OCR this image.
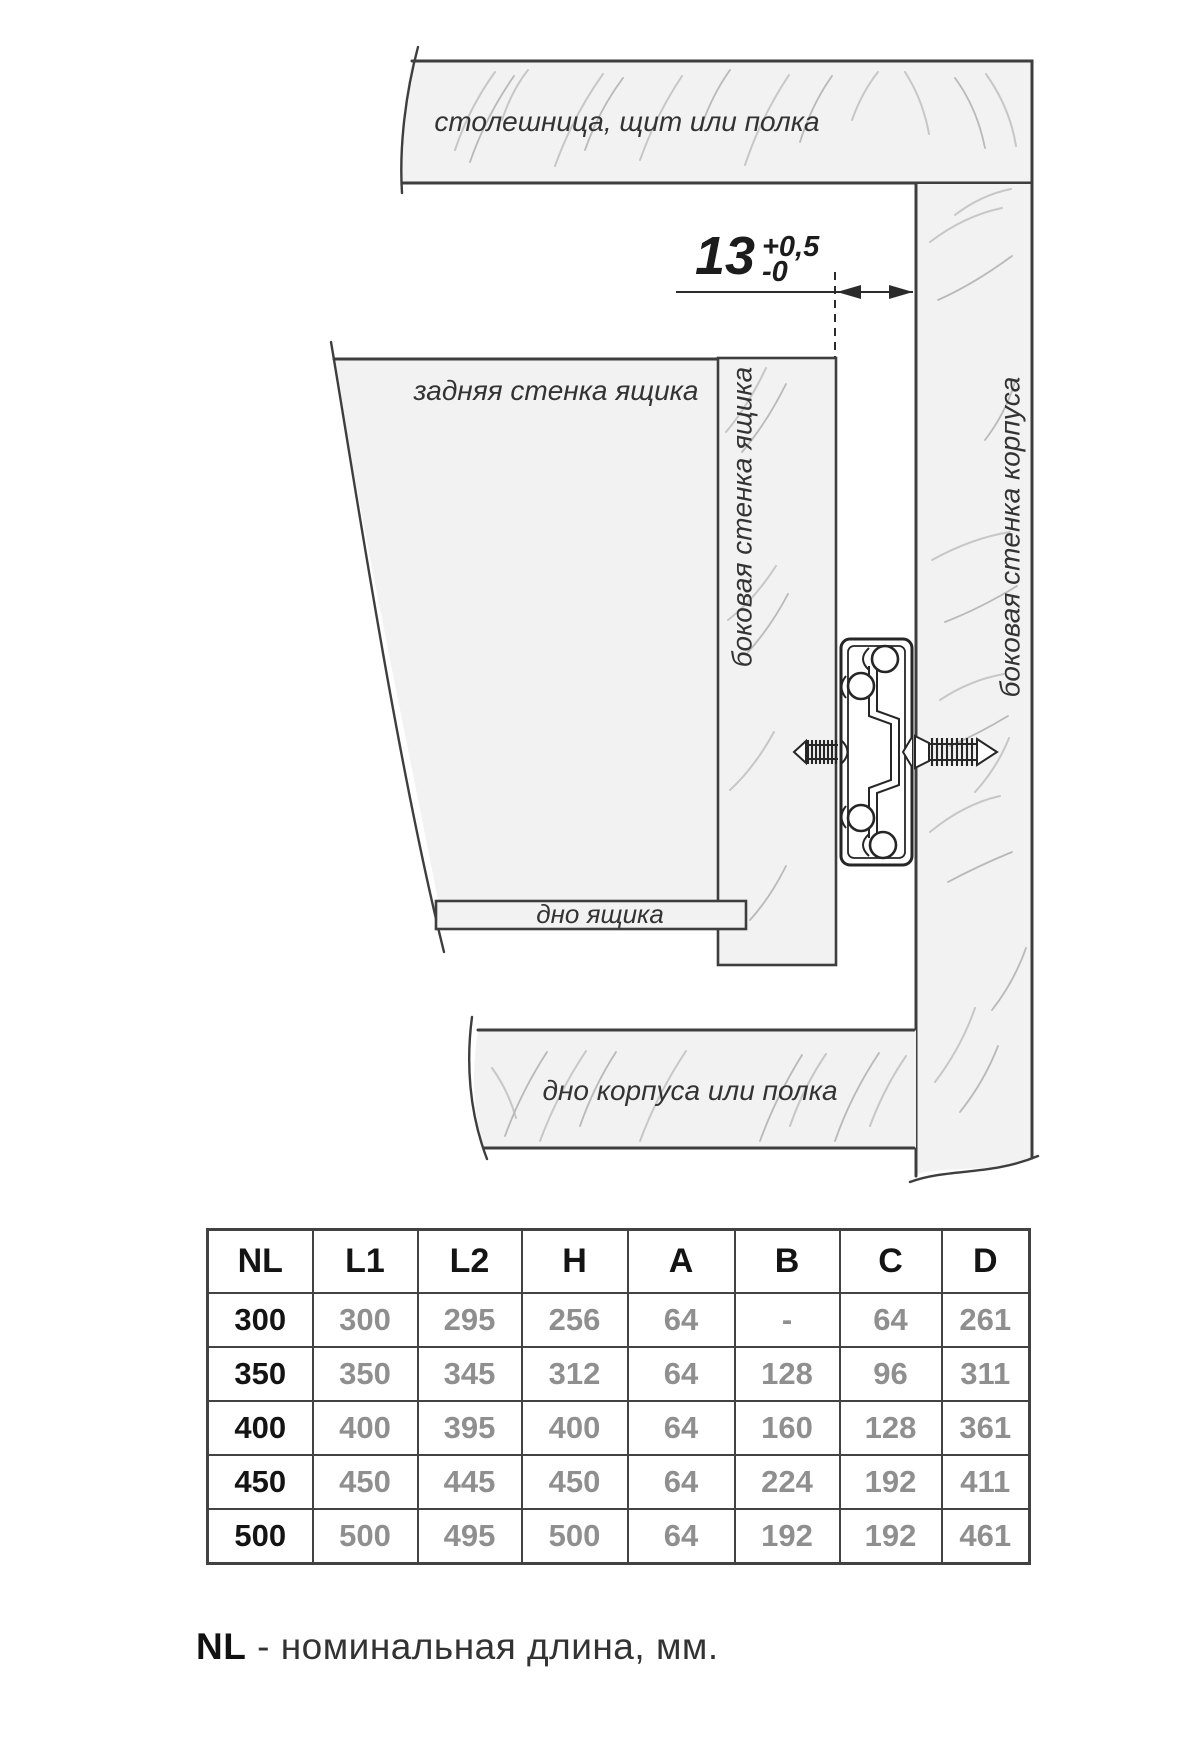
столешница, щит или полка
боковая стенка корпуса
задняя стенка ящика боковая стенка ящика
дно ящика
дно корпуса или полка
13 +0,5
-0
NL	L1	L2	H	A	B	C	D
300	300	295	256	64	-	64	261
350	350	345	312	64	128	96	311
400	400	395	400	64	160	128	361
450	450	445	450	64	224	192	411
500	500	495	500	64	192	192	461
NL - номинальная длина, мм.
